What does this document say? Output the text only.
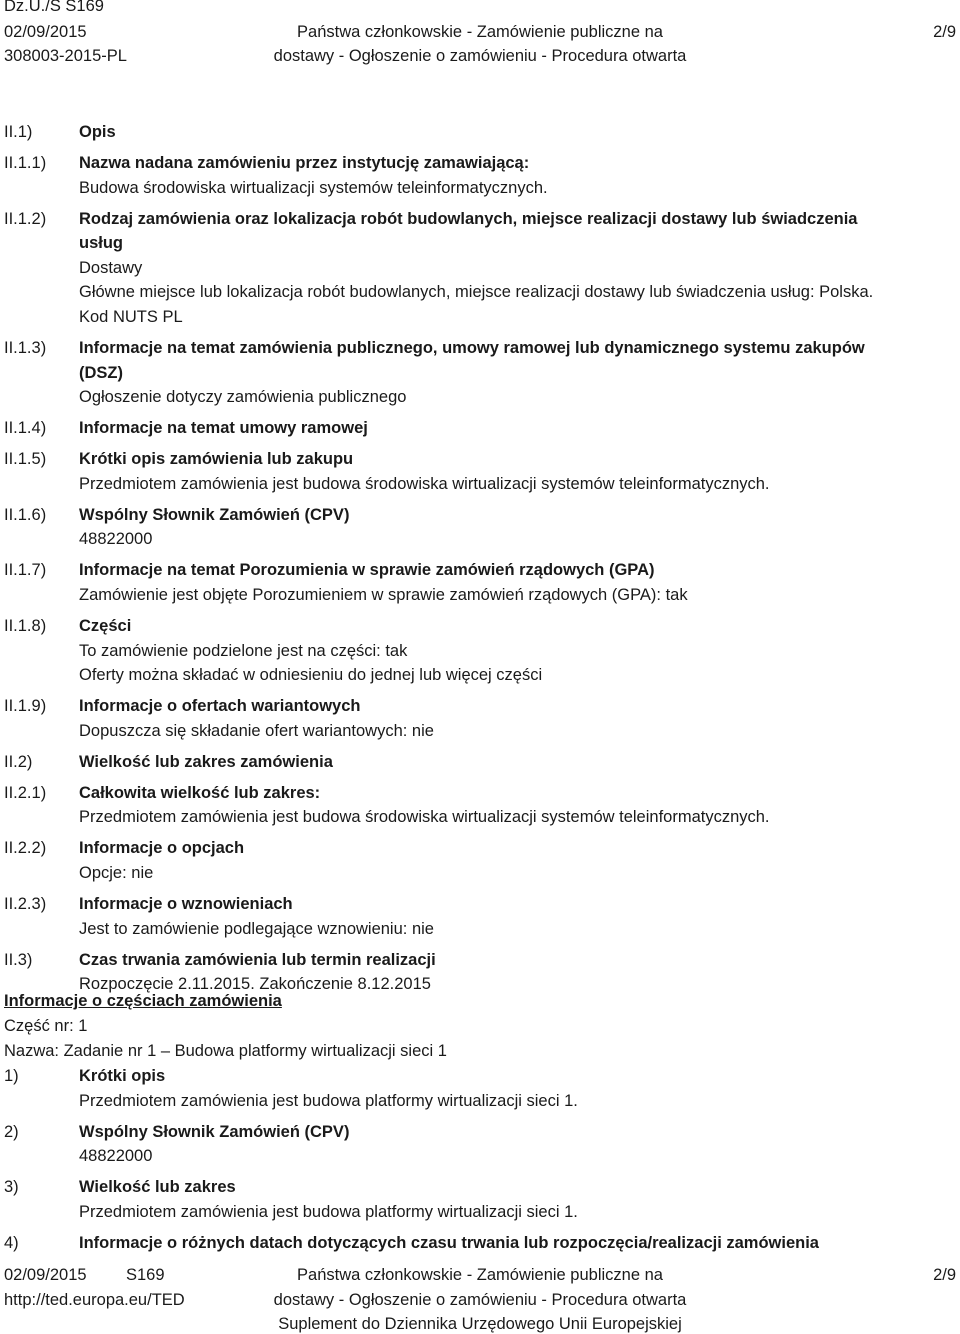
Dz.U./S S169
02/09/2015
308003-2015-PL
Państwa członkowskie - Zamówienie publiczne na
dostawy - Ogłoszenie o zamówieniu - Procedura otwarta
2/9
II.1)	Opis
II.1.1) Nazwa nadana zamówieniu przez instytucję zamawiającą:
Budowa środowiska wirtualizacji systemów teleinformatycznych.
II.1.2) Rodzaj zamówienia oraz lokalizacja robót budowlanych, miejsce realizacji dostawy lub świadczenia
usług
Dostawy
Główne miejsce lub lokalizacja robót budowlanych, miejsce realizacji dostawy lub świadczenia usług: Polska.
Kod NUTS PL
II.1.3) Informacje na temat zamówienia publicznego, umowy ramowej lub dynamicznego systemu zakupów
(DSZ)
Ogłoszenie dotyczy zamówienia publicznego
II.1.4) Informacje na temat umowy ramowej
II.1.5) Krótki opis zamówienia lub zakupu
Przedmiotem zamówienia jest budowa środowiska wirtualizacji systemów teleinformatycznych.
II.1.6) Wspólny Słownik Zamówień (CPV)
48822000
II.1.7) Informacje na temat Porozumienia w sprawie zamówień rządowych (GPA)
Zamówienie jest objęte Porozumieniem w sprawie zamówień rządowych (GPA): tak
II.1.8) Części
To zamówienie podzielone jest na części: tak
Oferty można składać w odniesieniu do jednej lub więcej części
II.1.9) Informacje o ofertach wariantowych
Dopuszcza się składanie ofert wariantowych: nie
II.2)	Wielkość lub zakres zamówienia
II.2.1) Całkowita wielkość lub zakres:
Przedmiotem zamówienia jest budowa środowiska wirtualizacji systemów teleinformatycznych.
II.2.2) Informacje o opcjach
Opcje: nie
II.2.3) Informacje o wznowieniach
Jest to zamówienie podlegające wznowieniu: nie
II.3)	Czas trwania zamówienia lub termin realizacji
Rozpoczęcie 2.11.2015. Zakończenie 8.12.2015
Informacje o częściach zamówienia
Część nr: 1
Nazwa: Zadanie nr 1 – Budowa platformy wirtualizacji sieci 1
1)	Krótki opis
Przedmiotem zamówienia jest budowa platformy wirtualizacji sieci 1.
2)	Wspólny Słownik Zamówień (CPV)
48822000
3)	Wielkość lub zakres
Przedmiotem zamówienia jest budowa platformy wirtualizacji sieci 1.
4)	Informacje o różnych datach dotyczących czasu trwania lub rozpoczęcia/realizacji zamówienia
02/09/2015 S169
http://ted.europa.eu/TED
Państwa członkowskie - Zamówienie publiczne na
dostawy - Ogłoszenie o zamówieniu - Procedura otwarta
Suplement do Dziennika Urzędowego Unii Europejskiej
2/9
